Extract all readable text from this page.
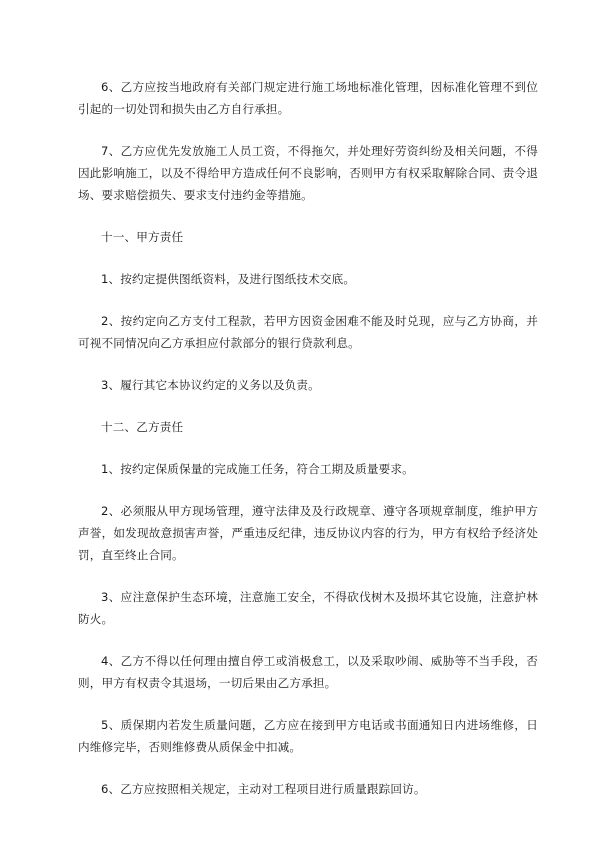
6、乙方应按当地政府有关部门规定进行施工场地标准化管理，因标准化管理不到位引起的一切处罚和损失由乙方自行承担。

7、乙方应优先发放施工人员工资，不得拖欠，并处理好劳资纠纷及相关问题，不得因此影响施工，以及不得给甲方造成任何不良影响，否则甲方有权采取解除合同、责令退场、要求赔偿损失、要求支付违约金等措施。

十一、甲方责任

1、按约定提供图纸资料，及进行图纸技术交底。

2、按约定向乙方支付工程款，若甲方因资金困难不能及时兑现，应与乙方协商，并可视不同情况向乙方承担应付款部分的银行贷款利息。

3、履行其它本协议约定的义务以及负责。

十二、乙方责任

1、按约定保质保量的完成施工任务，符合工期及质量要求。

2、必须服从甲方现场管理，遵守法律及及行政规章、遵守各项规章制度，维护甲方声誉，如发现故意损害声誉，严重违反纪律，违反协议内容的行为，甲方有权给予经济处罚，直至终止合同。

3、应注意保护生态环境，注意施工安全，不得砍伐树木及损坏其它设施，注意护林防火。

4、乙方不得以任何理由擅自停工或消极怠工，以及采取吵闹、威胁等不当手段，否则，甲方有权责令其退场，一切后果由乙方承担。

5、质保期内若发生质量问题，乙方应在接到甲方电话或书面通知日内进场维修，日内维修完毕，否则维修费从质保金中扣减。

6、乙方应按照相关规定，主动对工程项目进行质量跟踪回访。
